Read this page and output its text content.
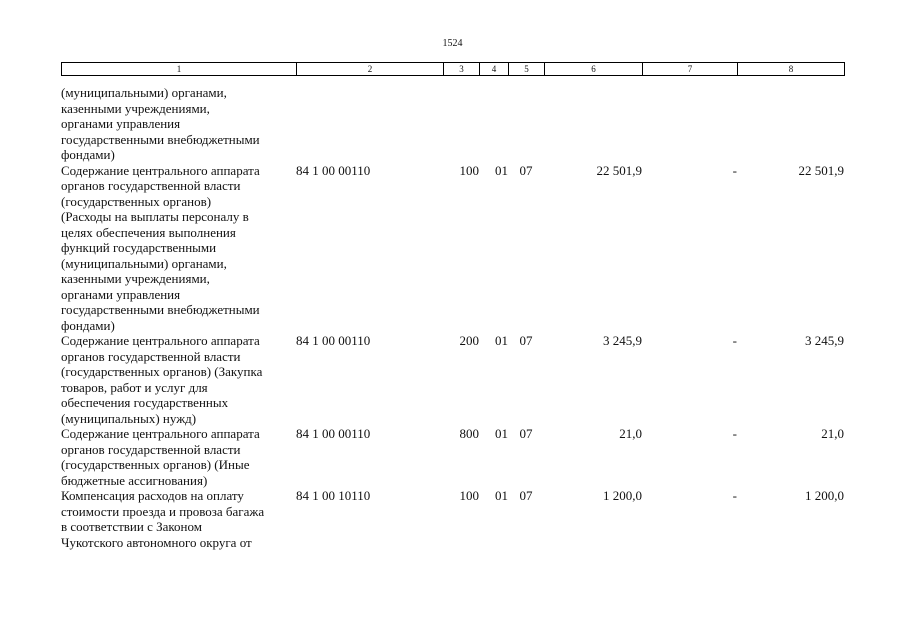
1524
1	2	3	4	5	6	7	8
(муниципальными) органами,
казенными учреждениями,
органами управления
государственными внебюджетными
фондами)
Содержание центрального аппарата
органов государственной власти
(государственных органов)
(Расходы на выплаты персоналу в
целях обеспечения выполнения
функций государственными
(муниципальными) органами,
казенными учреждениями,
органами управления
государственными внебюджетными
фондами)
84 1 00 00110	100	01 07	22 501,9	-	22 501,9
Содержание центрального аппарата
органов государственной власти
(государственных органов) (Закупка
товаров, работ и услуг для
обеспечения государственных
(муниципальных) нужд)
84 1 00 00110	200	01 07	3 245,9	-	3 245,9
Содержание центрального аппарата
органов государственной власти
(государственных органов) (Иные
бюджетные ассигнования)
84 1 00 00110	800	01 07	21,0	-	21,0
Компенсация расходов на оплату
стоимости проезда и провоза багажа
в соответствии с Законом
Чукотского автономного округа от
84 1 00 10110	100	01 07	1 200,0	-	1 200,0
